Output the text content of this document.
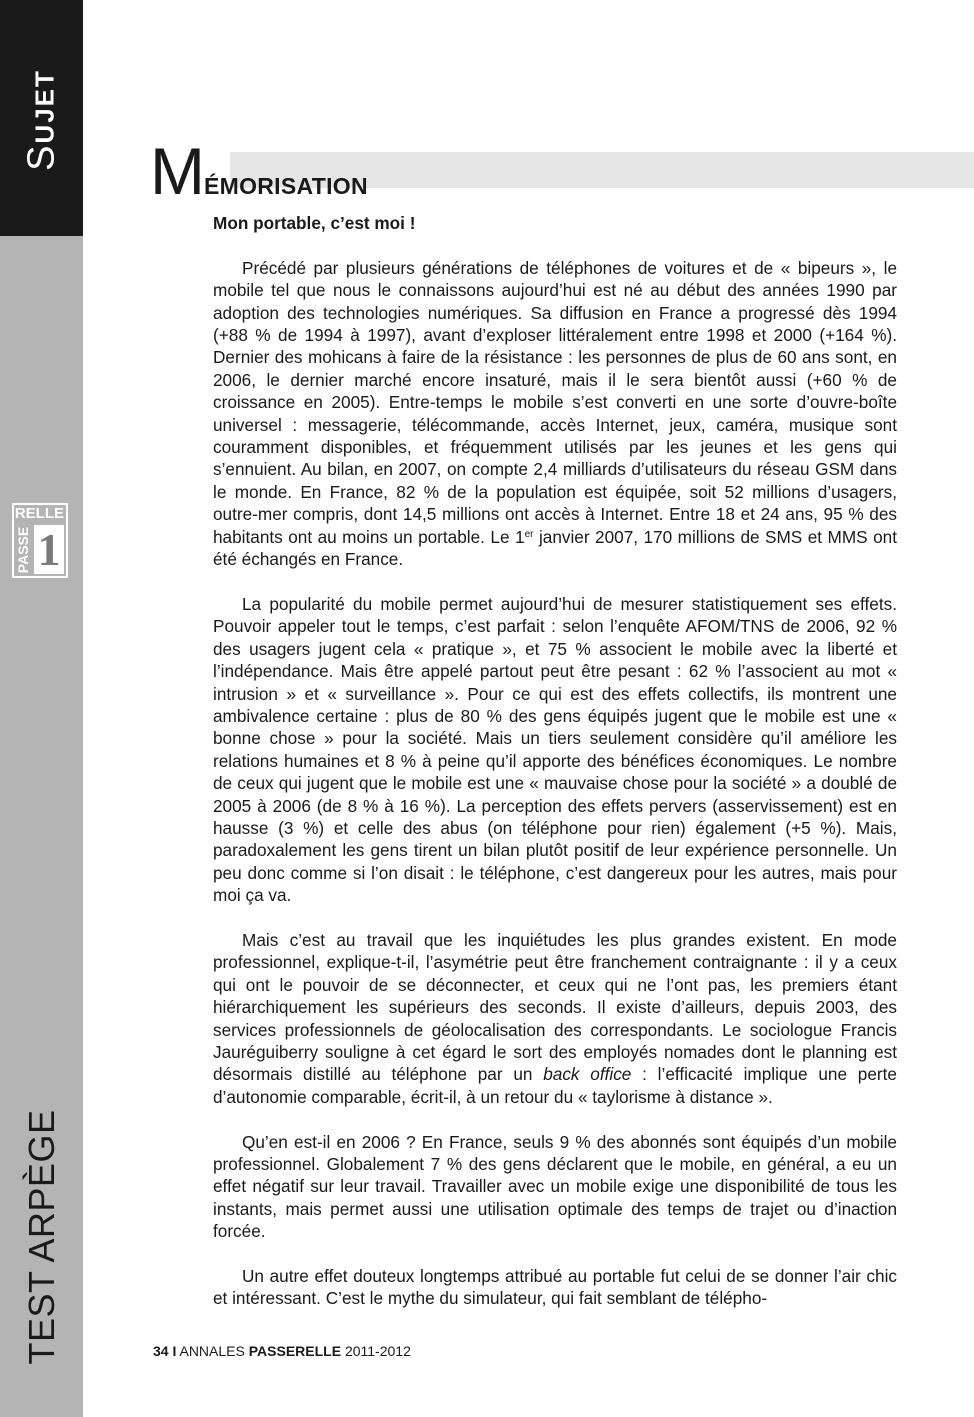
SUJET
RELLE
PASSE 1
TEST ARPÈGE
MÉMORISATION

Mon portable, c’est moi !

Précédé par plusieurs générations de téléphones de voitures et de « bipeurs », le mobile tel que nous le connaissons aujourd’hui est né au début des années 1990 par adoption des technologies numériques. Sa diffusion en France a progressé dès 1994 (+88 % de 1994 à 1997), avant d’exploser littéralement entre 1998 et 2000 (+164 %). Dernier des mohicans à faire de la résistance : les personnes de plus de 60 ans sont, en 2006, le dernier marché encore insaturé, mais il le sera bientôt aussi (+60 % de croissance en 2005). Entre-temps le mobile s’est converti en une sorte d’ouvre-boîte universel : messagerie, télécommande, accès Internet, jeux, caméra, musique sont couramment disponibles, et fréquemment utilisés par les jeunes et les gens qui s’ennuient. Au bilan, en 2007, on compte 2,4 milliards d’utilisateurs du réseau GSM dans le monde. En France, 82 % de la population est équipée, soit 52 millions d’usagers, outre-mer compris, dont 14,5 millions ont accès à Internet. Entre 18 et 24 ans, 95 % des habitants ont au moins un portable. Le 1er janvier 2007, 170 millions de SMS et MMS ont été échangés en France.

La popularité du mobile permet aujourd’hui de mesurer statistiquement ses effets. Pouvoir appeler tout le temps, c’est parfait : selon l’enquête AFOM/TNS de 2006, 92 % des usagers jugent cela « pratique », et 75 % associent le mobile avec la liberté et l’indépendance. Mais être appelé partout peut être pesant : 62 % l’associent au mot « intrusion » et « surveillance ». Pour ce qui est des effets collectifs, ils montrent une ambivalence certaine : plus de 80 % des gens équipés jugent que le mobile est une « bonne chose » pour la société. Mais un tiers seulement considère qu’il améliore les relations humaines et 8 % à peine qu’il apporte des bénéfices économiques. Le nombre de ceux qui jugent que le mobile est une « mauvaise chose pour la société » a doublé de 2005 à 2006 (de 8 % à 16 %). La perception des effets pervers (asservissement) est en hausse (3 %) et celle des abus (on téléphone pour rien) également (+5 %). Mais, paradoxalement les gens tirent un bilan plutôt positif de leur expérience personnelle. Un peu donc comme si l’on disait : le téléphone, c’est dangereux pour les autres, mais pour moi ça va.

Mais c’est au travail que les inquiétudes les plus grandes existent. En mode professionnel, explique-t-il, l’asymétrie peut être franchement contraignante : il y a ceux qui ont le pouvoir de se déconnecter, et ceux qui ne l’ont pas, les premiers étant hiérarchiquement les supérieurs des seconds. Il existe d’ailleurs, depuis 2003, des services professionnels de géolocalisation des correspondants. Le sociologue Francis Jauréguiberry souligne à cet égard le sort des employés nomades dont le planning est désormais distillé au téléphone par un back office : l’efficacité implique une perte d’autonomie comparable, écrit-il, à un retour du « taylorisme à distance ».

Qu’en est-il en 2006 ? En France, seuls 9 % des abonnés sont équipés d’un mobile professionnel. Globalement 7 % des gens déclarent que le mobile, en général, a eu un effet négatif sur leur travail. Travailler avec un mobile exige une disponibilité de tous les instants, mais permet aussi une utilisation optimale des temps de trajet ou d’inaction forcée.

Un autre effet douteux longtemps attribué au portable fut celui de se donner l’air chic et intéressant. C’est le mythe du simulateur, qui fait semblant de télépho-

34 I ANNALES PASSERELLE 2011-2012
